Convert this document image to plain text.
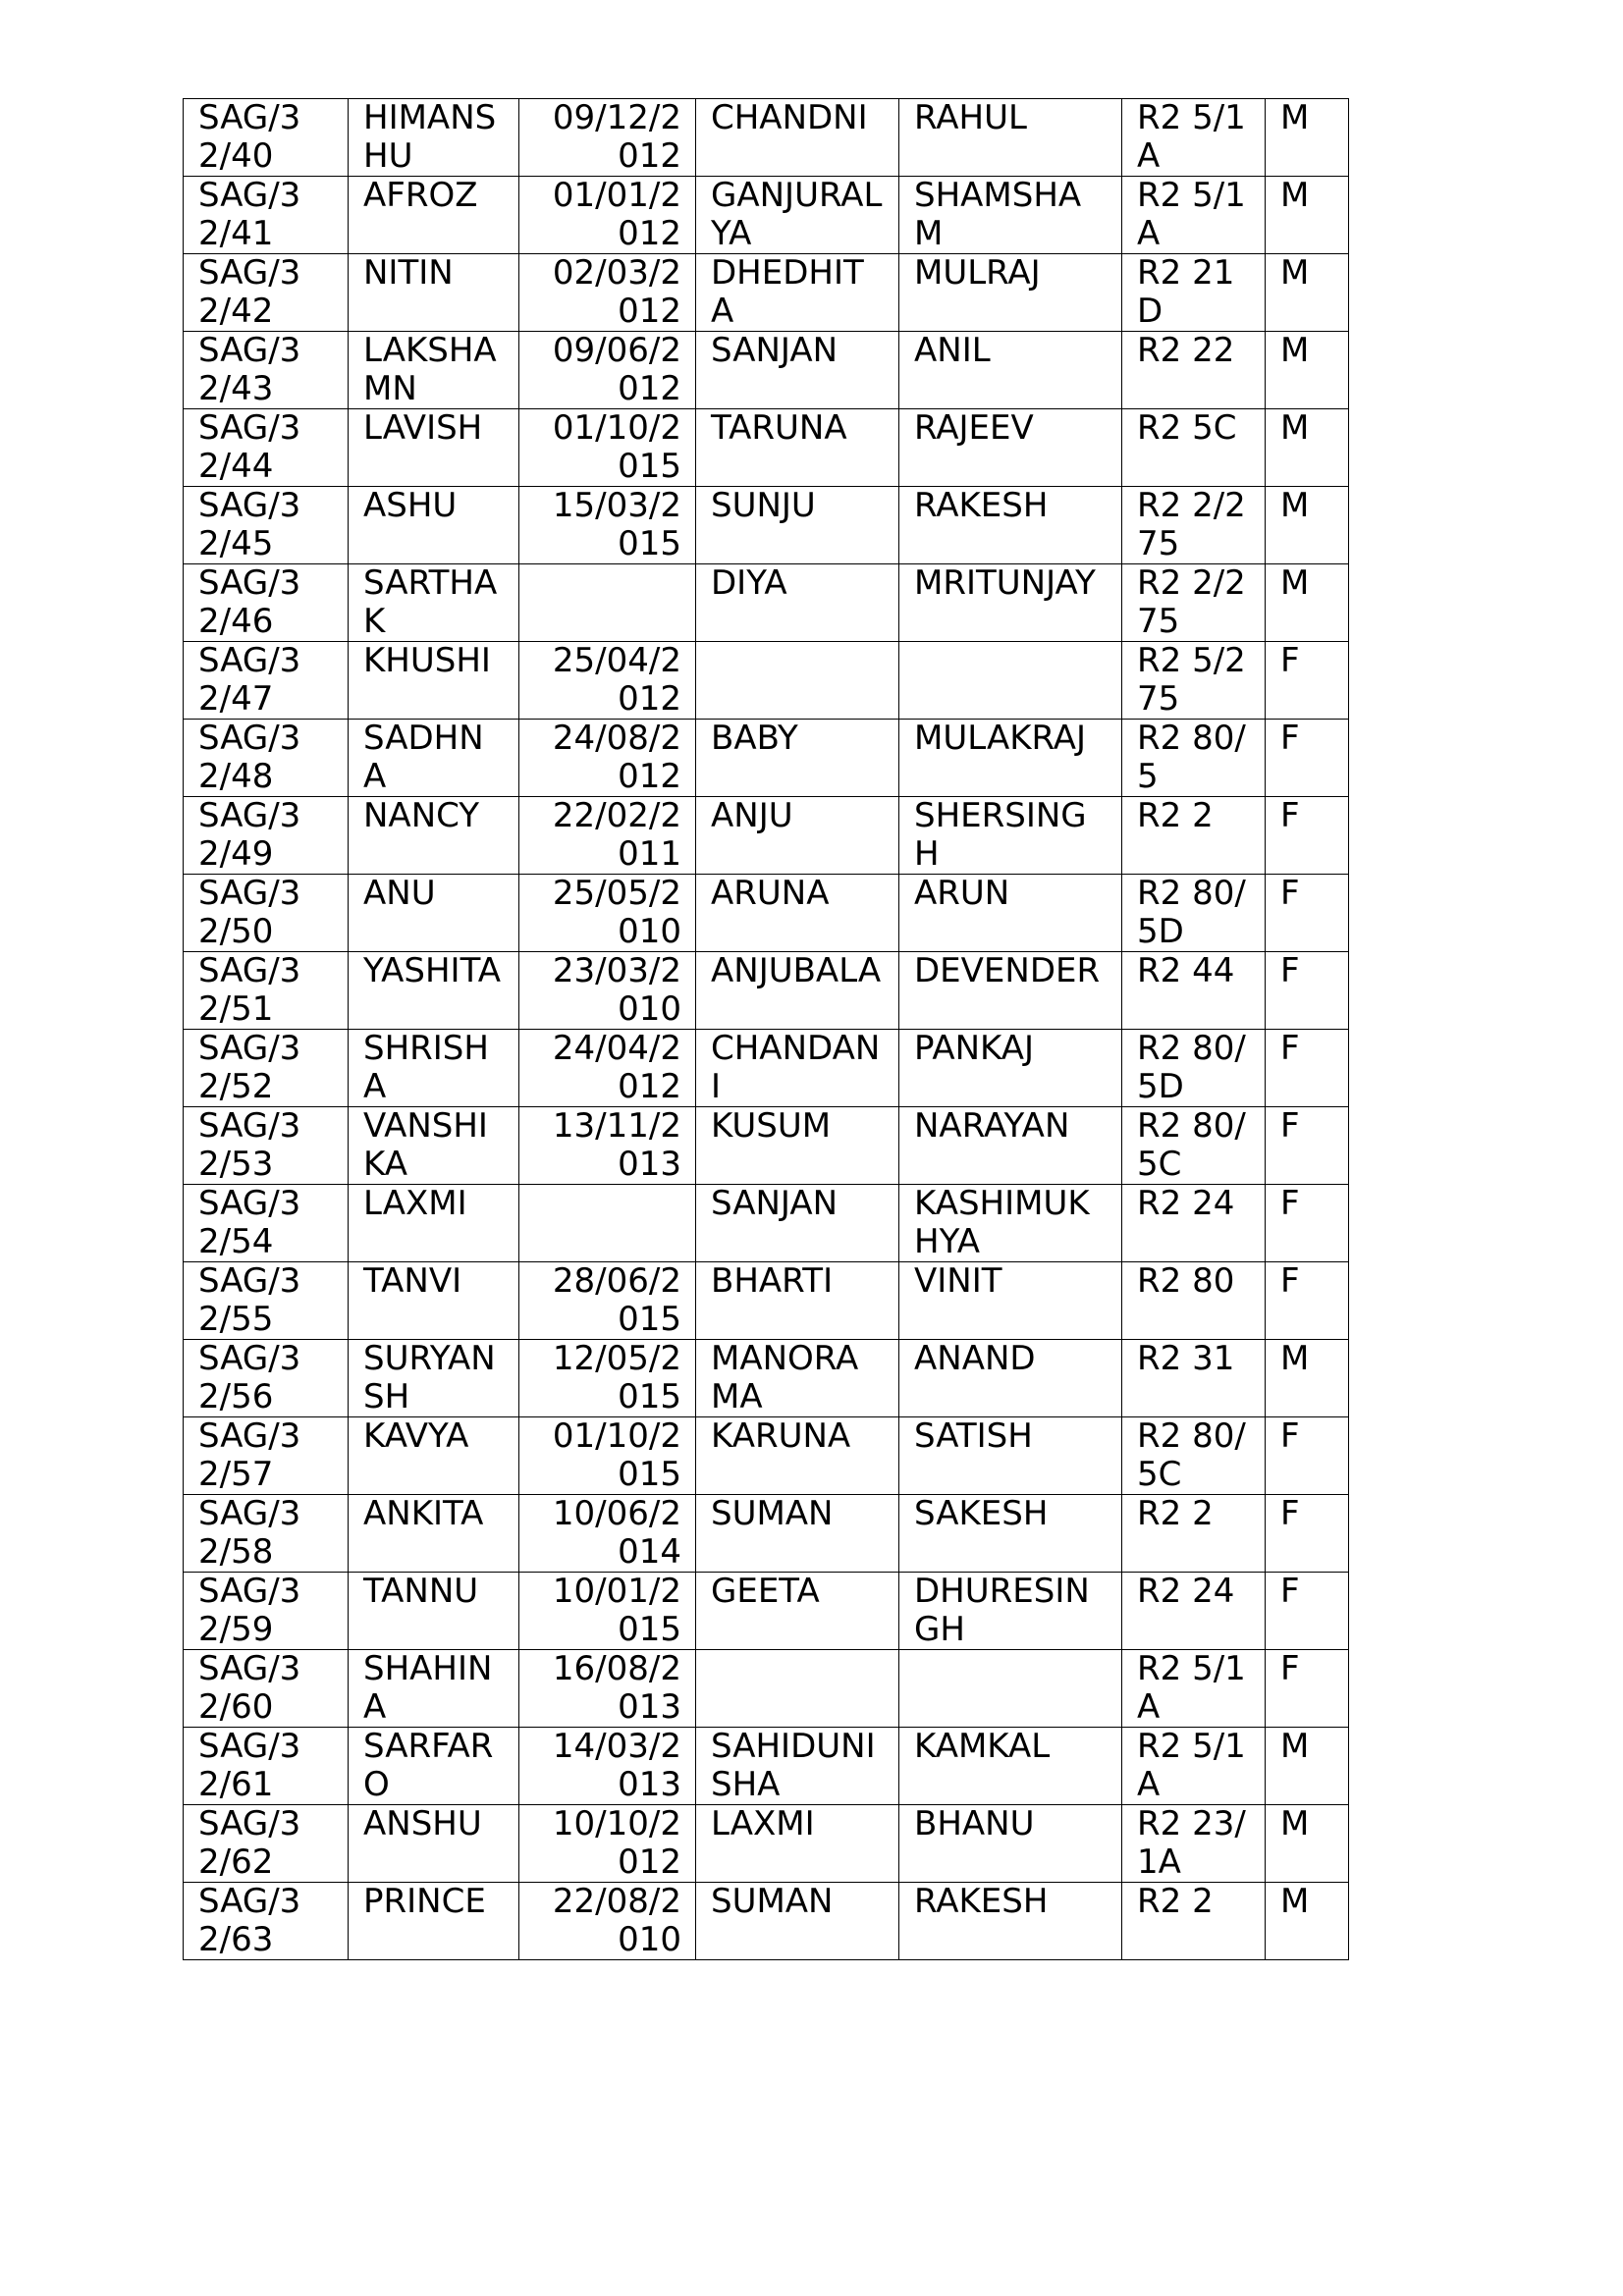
SAG/32/40	HIMANSHU	09/12/2012	CHANDNI	RAHUL	R2 5/1A	M
SAG/32/41	AFROZ	01/01/2012	GANJURALYA	SHAMSHAM	R2 5/1A	M
SAG/32/42	NITIN	02/03/2012	DHEDHITA	MULRAJ	R2 21 D	M
SAG/32/43	LAKSHAMN	09/06/2012	SANJAN	ANIL	R2 22	M
SAG/32/44	LAVISH	01/10/2015	TARUNA	RAJEEV	R2 5C	M
SAG/32/45	ASHU	15/03/2015	SUNJU	RAKESH	R2 2/275	M
SAG/32/46	SARTHAK		DIYA	MRITUNJAY	R2 2/275	M
SAG/32/47	KHUSHI	25/04/2012			R2 5/275	F
SAG/32/48	SADHNA	24/08/2012	BABY	MULAKRAJ	R2 80/5	F
SAG/32/49	NANCY	22/02/2011	ANJU	SHERSINGH	R2 2	F
SAG/32/50	ANU	25/05/2010	ARUNA	ARUN	R2 80/5D	F
SAG/32/51	YASHITA	23/03/2010	ANJUBALA	DEVENDER	R2 44	F
SAG/32/52	SHRISHA	24/04/2012	CHANDANI	PANKAJ	R2 80/5D	F
SAG/32/53	VANSHIKA	13/11/2013	KUSUM	NARAYAN	R2 80/5C	F
SAG/32/54	LAXMI		SANJAN	KASHIMUKHYA	R2 24	F
SAG/32/55	TANVI	28/06/2015	BHARTI	VINIT	R2 80	F
SAG/32/56	SURYANSH	12/05/2015	MANORAMA	ANAND	R2 31	M
SAG/32/57	KAVYA	01/10/2015	KARUNA	SATISH	R2 80/5C	F
SAG/32/58	ANKITA	10/06/2014	SUMAN	SAKESH	R2 2	F
SAG/32/59	TANNU	10/01/2015	GEETA	DHURESINGH	R2 24	F
SAG/32/60	SHAHINA	16/08/2013			R2 5/1A	F
SAG/32/61	SARFARO	14/03/2013	SAHIDUNISHA	KAMKAL	R2 5/1A	M
SAG/32/62	ANSHU	10/10/2012	LAXMI	BHANU	R2 23/1A	M
SAG/32/63	PRINCE	22/08/2010	SUMAN	RAKESH	R2 2	M
